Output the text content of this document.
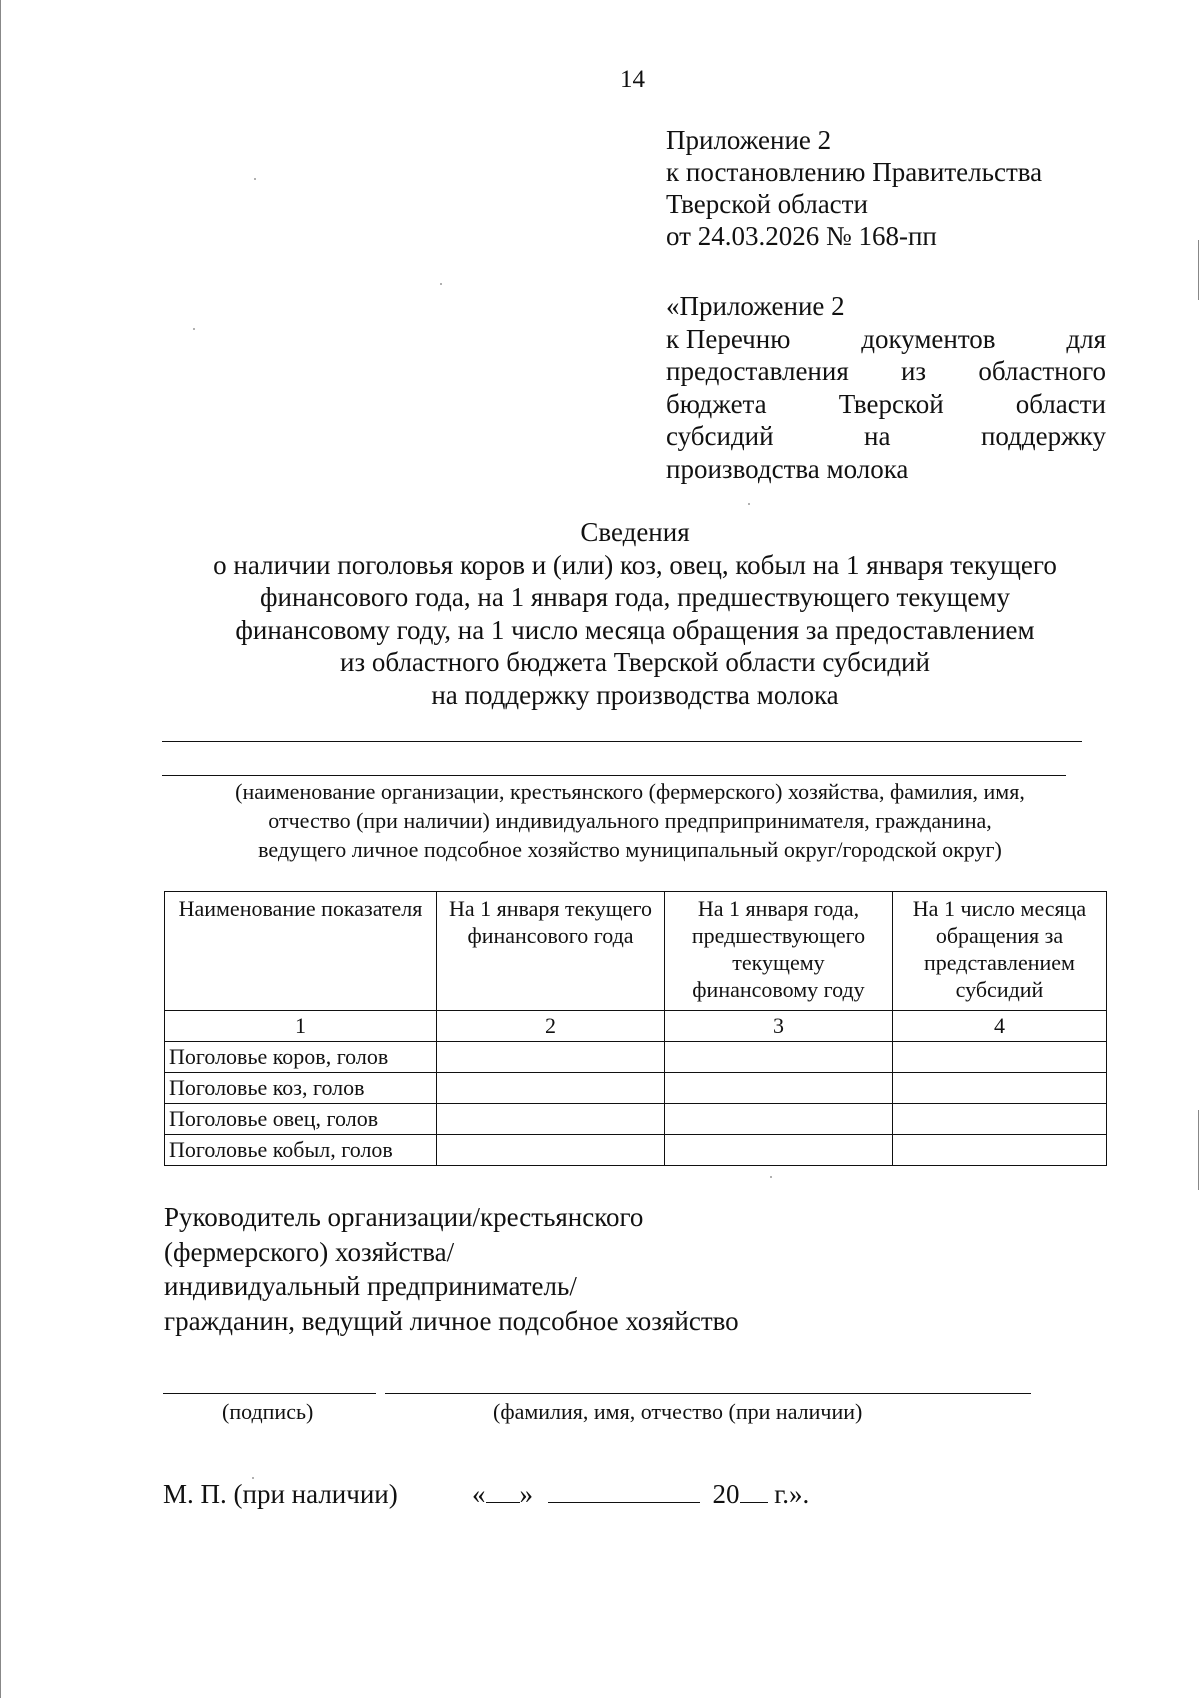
14
Приложение 2
к постановлению Правительства
Тверской области
от 24.03.2026 № 168-пп
«Приложение 2
к Перечню	документов	для
предоставления из областного
бюджета	Тверской	области
субсидий	на	поддержку
производства молока
Сведения
о наличии поголовья коров и (или) коз, овец, кобыл на 1 января текущего
финансового года, на 1 января года, предшествующего текущему
финансовому году, на 1 число месяца обращения за предоставлением
из областного бюджета Тверской области субсидий
на поддержку производства молока
(наименование организации, крестьянского (фермерского) хозяйства, фамилия, имя,
отчество (при наличии) индивидуального предприпринимателя, гражданина,
ведущего личное подсобное хозяйство муниципальный округ/городской округ)
Наименование показателя	На 1 января текущего финансового года	На 1 января года, предшествующего текущему финансовому году	На 1 число месяца обращения за представлением субсидий
1	2	3	4
Поголовье коров, голов			
Поголовье коз, голов			
Поголовье овец, голов			
Поголовье кобыл, голов			
Руководитель организации/крестьянского
(фермерского) хозяйства/
индивидуальный предприниматель/
гражданин, ведущий личное подсобное хозяйство
(подпись)	(фамилия, имя, отчество (при наличии)
М. П. (при наличии)	« »	20 г.».
